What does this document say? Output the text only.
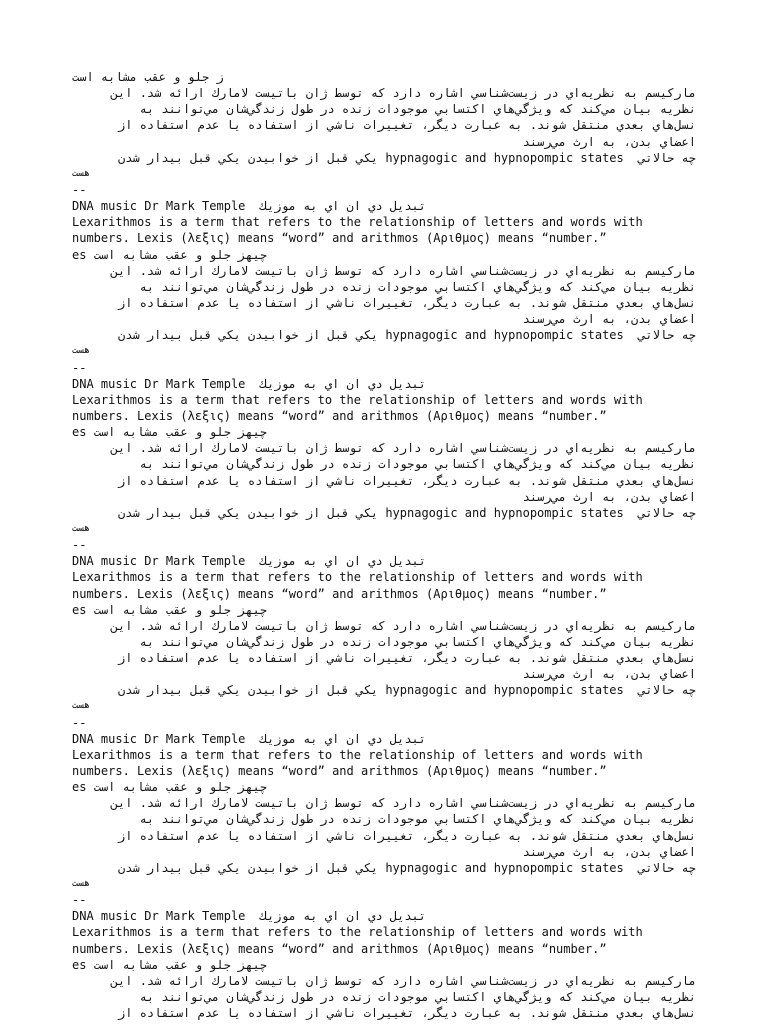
ز جلو و عقب مشابه است
ماركيسم به نظريه‌اي در زيست‌شناسي اشاره دارد كه توسط ژان باتيست لامارك ارائه شد. اين
نظريه بيان مي‌كند كه ويژگي‌هاي اكتسابي موجودات زنده در طول زندگي‌شان مي‌توانند به
نسل‌هاي بعدي منتقل شوند. به عبارت ديگر، تغييرات ناشي از استفاده يا عدم استفاده از
اعضاي بدن، به ارث مي‌رسند
چه حالاتي  hypnagogic and hypnopompic states يكي قبل از خوابيدن يكي قبل بيدار شدن
هست
--
DNA music Dr Mark Temple  تبديل دي ان اي به موزيك
Lexarithmos is a term that refers to the relationship of letters and words with
numbers. Lexis (λεξις) means “word” and arithmos (Αριθμος) means “number.”
es چيهز جلو و عقب مشابه است
ماركيسم به نظريه‌اي در زيست‌شناسي اشاره دارد كه توسط ژان باتيست لامارك ارائه شد. اين
نظريه بيان مي‌كند كه ويژگي‌هاي اكتسابي موجودات زنده در طول زندگي‌شان مي‌توانند به
نسل‌هاي بعدي منتقل شوند. به عبارت ديگر، تغييرات ناشي از استفاده يا عدم استفاده از
اعضاي بدن، به ارث مي‌رسند
چه حالاتي  hypnagogic and hypnopompic states يكي قبل از خوابيدن يكي قبل بيدار شدن
هست
--
DNA music Dr Mark Temple  تبديل دي ان اي به موزيك
Lexarithmos is a term that refers to the relationship of letters and words with
numbers. Lexis (λεξις) means “word” and arithmos (Αριθμος) means “number.”
es چيهز جلو و عقب مشابه است
ماركيسم به نظريه‌اي در زيست‌شناسي اشاره دارد كه توسط ژان باتيست لامارك ارائه شد. اين
نظريه بيان مي‌كند كه ويژگي‌هاي اكتسابي موجودات زنده در طول زندگي‌شان مي‌توانند به
نسل‌هاي بعدي منتقل شوند. به عبارت ديگر، تغييرات ناشي از استفاده يا عدم استفاده از
اعضاي بدن، به ارث مي‌رسند
چه حالاتي  hypnagogic and hypnopompic states يكي قبل از خوابيدن يكي قبل بيدار شدن
هست
--
DNA music Dr Mark Temple  تبديل دي ان اي به موزيك
Lexarithmos is a term that refers to the relationship of letters and words with
numbers. Lexis (λεξις) means “word” and arithmos (Αριθμος) means “number.”
es چيهز جلو و عقب مشابه است
ماركيسم به نظريه‌اي در زيست‌شناسي اشاره دارد كه توسط ژان باتيست لامارك ارائه شد. اين
نظريه بيان مي‌كند كه ويژگي‌هاي اكتسابي موجودات زنده در طول زندگي‌شان مي‌توانند به
نسل‌هاي بعدي منتقل شوند. به عبارت ديگر، تغييرات ناشي از استفاده يا عدم استفاده از
اعضاي بدن، به ارث مي‌رسند
چه حالاتي  hypnagogic and hypnopompic states يكي قبل از خوابيدن يكي قبل بيدار شدن
هست
--
DNA music Dr Mark Temple  تبديل دي ان اي به موزيك
Lexarithmos is a term that refers to the relationship of letters and words with
numbers. Lexis (λεξις) means “word” and arithmos (Αριθμος) means “number.”
es چيهز جلو و عقب مشابه است
ماركيسم به نظريه‌اي در زيست‌شناسي اشاره دارد كه توسط ژان باتيست لامارك ارائه شد. اين
نظريه بيان مي‌كند كه ويژگي‌هاي اكتسابي موجودات زنده در طول زندگي‌شان مي‌توانند به
نسل‌هاي بعدي منتقل شوند. به عبارت ديگر، تغييرات ناشي از استفاده يا عدم استفاده از
اعضاي بدن، به ارث مي‌رسند
چه حالاتي  hypnagogic and hypnopompic states يكي قبل از خوابيدن يكي قبل بيدار شدن
هست
--
DNA music Dr Mark Temple  تبديل دي ان اي به موزيك
Lexarithmos is a term that refers to the relationship of letters and words with
numbers. Lexis (λεξις) means “word” and arithmos (Αριθμος) means “number.”
es چيهز جلو و عقب مشابه است
ماركيسم به نظريه‌اي در زيست‌شناسي اشاره دارد كه توسط ژان باتيست لامارك ارائه شد. اين
نظريه بيان مي‌كند كه ويژگي‌هاي اكتسابي موجودات زنده در طول زندگي‌شان مي‌توانند به
نسل‌هاي بعدي منتقل شوند. به عبارت ديگر، تغييرات ناشي از استفاده يا عدم استفاده از
